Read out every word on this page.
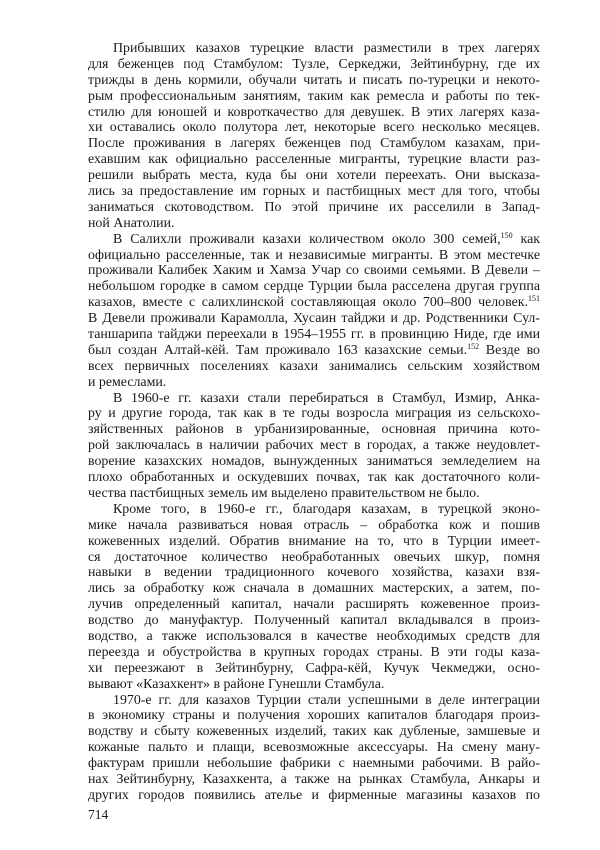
Прибывших казахов турецкие власти разместили в трех лагерях
для беженцев под Стамбулом: Тузле, Серкеджи, Зейтинбурну, где их
трижды в день кормили, обучали читать и писать по-турецки и некото-
рым профессиональным занятиям, таким как ремесла и работы по тек-
стилю для юношей и ковроткачество для девушек. В этих лагерях каза-
хи оставались около полутора лет, некоторые всего несколько месяцев.
После проживания в лагерях беженцев под Стамбулом казахам, при-
ехавшим как официально расселенные мигранты, турецкие власти раз-
решили выбрать места, куда бы они хотели переехать. Они высказа-
лись за предоставление им горных и пастбищных мест для того, чтобы
заниматься скотоводством. По этой причине их расселили в Запад-
ной Анатолии.
В Салихли проживали казахи количеством около 300 семей,$^{150}$ как
официально расселенные, так и независимые мигранты. В этом местечке
проживали Калибек Хаким и Хамза Учар со своими семьями. В Девели –
небольшом городке в самом сердце Турции была расселена другая группа
казахов, вместе с салихлинской составляющая около 700–800 человек.$^{151}$
В Девели проживали Карамолла, Хусаин тайджи и др. Родственники Сул-
таншарипа тайджи переехали в 1954–1955 гг. в провинцию Ниде, где ими
был создан Алтай-кёй. Там проживало 163 казахские семьи.$^{152}$ Везде во
всех первичных поселениях казахи занимались сельским хозяйством
и ремеслами.
В 1960-е гг. казахи стали перебираться в Стамбул, Измир, Анка-
ру и другие города, так как в те годы возросла миграция из сельскохо-
зяйственных районов в урбанизированные, основная причина кото-
рой заключалась в наличии рабочих мест в городах, а также неудовлет-
ворение казахских номадов, вынужденных заниматься земледелием на
плохо обработанных и оскудевших почвах, так как достаточного коли-
чества пастбищных земель им выделено правительством не было.
Кроме того, в 1960-е гг., благодаря казахам, в турецкой эконо-
мике начала развиваться новая отрасль – обработка кож и пошив
кожевенных изделий. Обратив внимание на то, что в Турции имеет-
ся достаточное количество необработанных овечьих шкур, помня
навыки в ведении традиционного кочевого хозяйства, казахи взя-
лись за обработку кож сначала в домашних мастерских, а затем, по-
лучив определенный капитал, начали расширять кожевенное произ-
водство до мануфактур. Полученный капитал вкладывался в произ-
водство, а также использовался в качестве необходимых средств для
переезда и обустройства в крупных городах страны. В эти годы каза-
хи переезжают в Зейтинбурну, Сафра-кёй, Кучук Чекмеджи, осно-
вывают «Казахкент» в районе Гунешли Стамбула.
1970-е гг. для казахов Турции стали успешными в деле интеграции
в экономику страны и получения хороших капиталов благодаря произ-
водству и сбыту кожевенных изделий, таких как дубленые, замшевые и
кожаные пальто и плащи, всевозможные аксессуары. На смену ману-
фактурам пришли небольшие фабрики с наемными рабочими. В райо-
нах Зейтинбурну, Казахкента, а также на рынках Стамбула, Анкары и
других городов появились ателье и фирменные магазины казахов по
714
